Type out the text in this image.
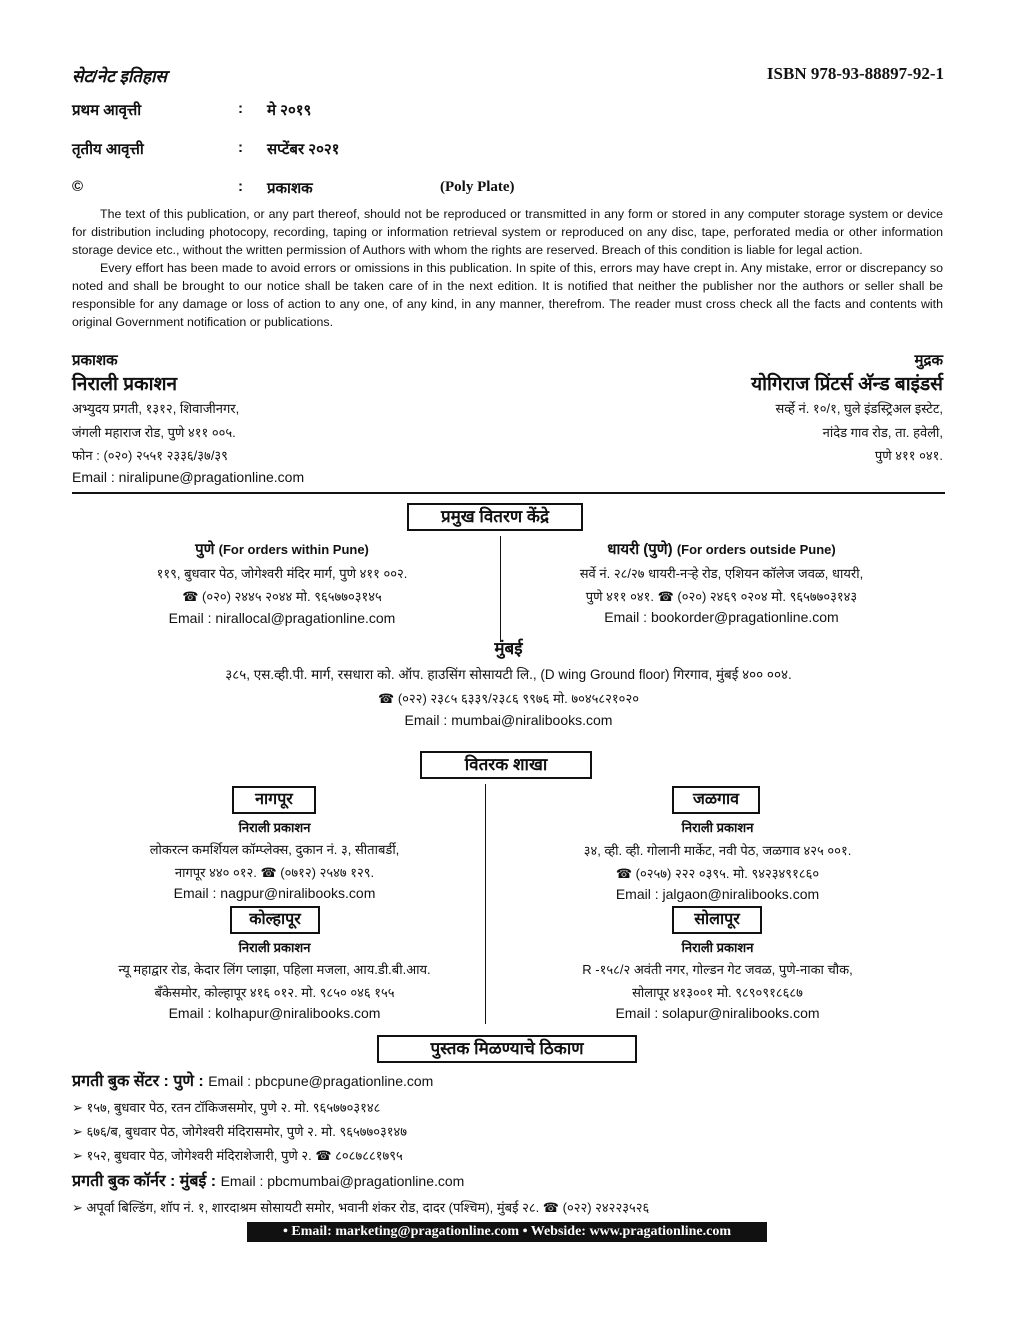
सेट/नेट इतिहास	ISBN 978-93-88897-92-1
प्रथम आवृत्ती	: मे २०१९
तृतीय आवृत्ती	: सप्टेंबर २०२१
©	: प्रकाशक	(Poly Plate)

The text of this publication, or any part thereof, should not be reproduced or transmitted in any form or stored in any computer storage system or device for distribution including photocopy, recording, taping or information retrieval system or reproduced on any disc, tape, perforated media or other information storage device etc., without the written permission of Authors with whom the rights are reserved. Breach of this condition is liable for legal action.

Every effort has been made to avoid errors or omissions in this publication. In spite of this, errors may have crept in. Any mistake, error or discrepancy so noted and shall be brought to our notice shall be taken care of in the next edition. It is notified that neither the publisher nor the authors or seller shall be responsible for any damage or loss of action to any one, of any kind, in any manner, therefrom. The reader must cross check all the facts and contents with original Government notification or publications.

प्रकाशक
निराली प्रकाशन
अभ्युदय प्रगती, १३१२, शिवाजीनगर,
जंगली महाराज रोड, पुणे ४११ ००५.
फोन : (०२०) २५५१ २३३६/३७/३९
Email : niralipune@pragationline.com
मुद्रक
योगिराज प्रिंटर्स अ‍ॅन्ड बाइंडर्स
सर्व्हे नं. १०/१, घुले इंडस्ट्रिअल इस्टेट,
नांदेड गाव रोड, ता. हवेली,
पुणे ४११ ०४१.
प्रमुख वितरण केंद्रे
पुणे (For orders within Pune)
११९, बुधवार पेठ, जोगेश्वरी मंदिर मार्ग, पुणे ४११ ००२.
☎ (०२०) २४४५ २०४४ मो. ९६५७७०३१४५
Email : nirallocal@pragationline.com
धायरी (पुणे) (For orders outside Pune)
सर्वे नं. २८/२७ धायरी-नऱ्हे रोड, एशियन कॉलेज जवळ, धायरी,
पुणे ४११ ०४१. ☎ (०२०) २४६९ ०२०४ मो. ९६५७७०३१४३
Email : bookorder@pragationline.com
मुंबई
३८५, एस.व्ही.पी. मार्ग, रसधारा को. ऑप. हाउसिंग सोसायटी लि., (D wing Ground floor) गिरगाव, मुंबई ४०० ००४.
☎ (०२२) २३८५ ६३३९/२३८६ ९९७६ मो. ७०४५८२१०२०
Email : mumbai@niralibooks.com
वितरक शाखा
नागपूर
निराली प्रकाशन
लोकरत्न कमर्शियल कॉम्प्लेक्स, दुकान नं. ३, सीताबर्डी,
नागपूर ४४० ०१२. ☎ (०७१२) २५४७ १२९.
Email : nagpur@niralibooks.com
जळगाव
निराली प्रकाशन
३४, व्ही. व्ही. गोलानी मार्केट, नवी पेठ, जळगाव ४२५ ००१.
☎ (०२५७) २२२ ०३९५. मो. ९४२३४९१८६०
Email : jalgaon@niralibooks.com
कोल्हापूर
निराली प्रकाशन
न्यू महाद्वार रोड, केदार लिंग प्लाझा, पहिला मजला, आय.डी.बी.आय.
बँकेसमोर, कोल्हापूर ४१६ ०१२. मो. ९८५० ०४६ १५५
Email : kolhapur@niralibooks.com
सोलापूर
निराली प्रकाशन
R -१५८/२ अवंती नगर, गोल्डन गेट जवळ, पुणे-नाका चौक,
सोलापूर ४१३००१ मो. ९८९०९१८६८७
Email : solapur@niralibooks.com
पुस्तक मिळण्याचे ठिकाण
प्रगती बुक सेंटर : पुणे : Email : pbcpune@pragationline.com
➢ १५७, बुधवार पेठ, रतन टॉकिजसमोर, पुणे २. मो. ९६५७७०३१४८
➢ ६७६/ब, बुधवार पेठ, जोगेश्वरी मंदिरासमोर, पुणे २. मो. ९६५७७०३१४७
➢ १५२, बुधवार पेठ, जोगेश्वरी मंदिराशेजारी, पुणे २. ☎ ८०८७८८१७९५
प्रगती बुक कॉर्नर : मुंबई : Email : pbcmumbai@pragationline.com
➢ अपूर्वा बिल्डिंग, शॉप नं. १, शारदाश्रम सोसायटी समोर, भवानी शंकर रोड, दादर (पश्चिम), मुंबई २८. ☎ (०२२) २४२२३५२६
• Email: marketing@pragationline.com • Webside: www.pragationline.com
